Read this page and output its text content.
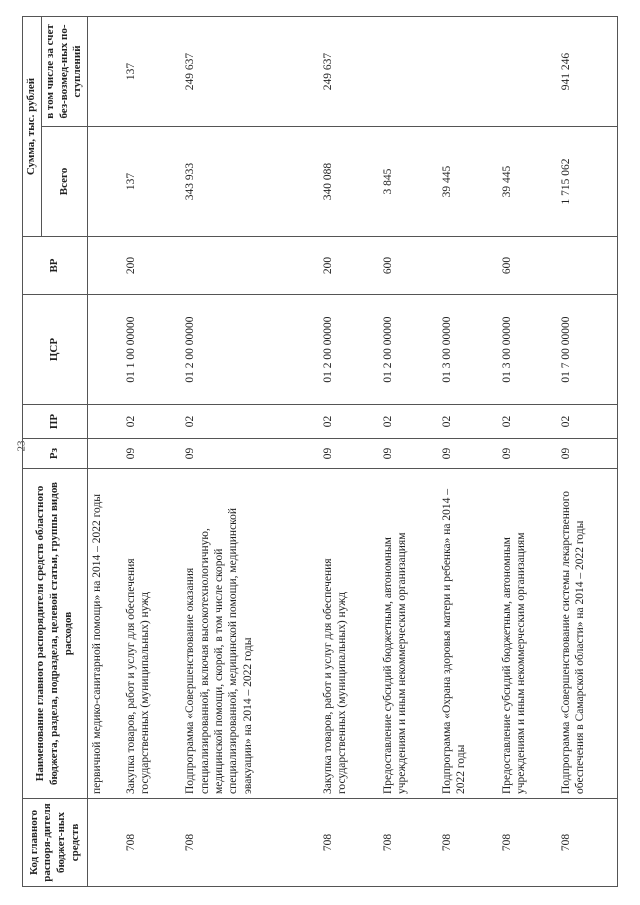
23
Код главного распоря-дителя бюджет-ных средств	Наименование главного распорядителя средств областного бюджета, раздела, подраздела, целевой статьи, группы видов расходов	Рз	ПР	ЦСР	ВР	Сумма, тыс. рублей	
						Всего	в том числе за счет без-возмед-ных по-ступлений
	первичной медико-санитарной помощи» на 2014 – 2022 годы						
708	Закупка товаров, работ и услуг для обеспечения государственных (муниципальных) нужд	09	02	01 1 00 00000	200	137	137
708	Подпрограмма «Совершенствование оказания специализированной, включая высокотехнологичную, медицинской помощи, скорой, в том числе скорой специализированной, медицинской помощи, медицинской эвакуации» на 2014 – 2022 годы	09	02	01 2 00 00000		343 933	249 637
708	Закупка товаров, работ и услуг для обеспечения государственных (муниципальных) нужд	09	02	01 2 00 00000	200	340 088	249 637
708	Предоставление субсидий бюджетным, автономным учреждениям и иным некоммерческим организациям	09	02	01 2 00 00000	600	3 845	
708	Подпрограмма «Охрана здоровья матери и ребенка» на 2014 – 2022 годы	09	02	01 3 00 00000		39 445	
708	Предоставление субсидий бюджетным, автономным учреждениям и иным некоммерческим организациям	09	02	01 3 00 00000	600	39 445	
708	Подпрограмма «Совершенствование системы лекарственного обеспечения в Самарской области» на 2014 – 2022 годы	09	02	01 7 00 00000		1 715 062	941 246
